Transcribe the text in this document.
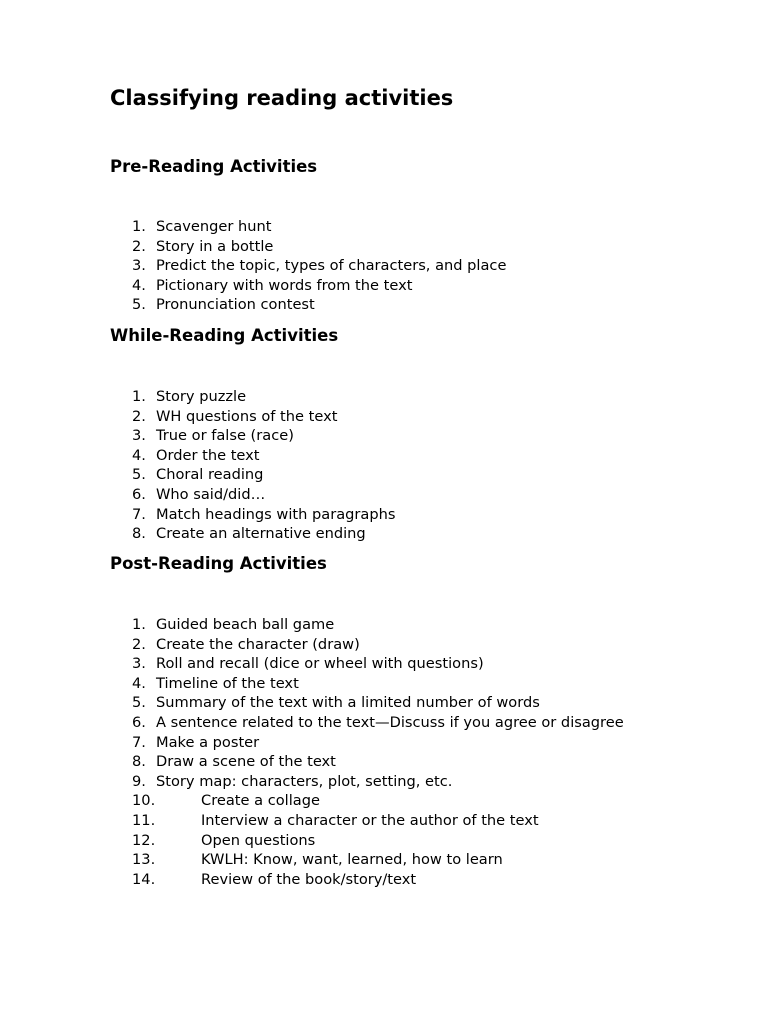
Classifying reading activities
Pre-Reading Activities
1. Scavenger hunt
2. Story in a bottle
3. Predict the topic, types of characters, and place
4. Pictionary with words from the text
5. Pronunciation contest
While-Reading Activities
1. Story puzzle
2. WH questions of the text
3. True or false (race)
4. Order the text
5. Choral reading
6. Who said/did…
7. Match headings with paragraphs
8. Create an alternative ending
Post-Reading Activities
1. Guided beach ball game
2. Create the character (draw)
3. Roll and recall (dice or wheel with questions)
4. Timeline of the text
5. Summary of the text with a limited number of words
6. A sentence related to the text—Discuss if you agree or disagree
7. Make a poster
8. Draw a scene of the text
9. Story map: characters, plot, setting, etc.
10.	Create a collage
11.	Interview a character or the author of the text
12.	Open questions
13.	KWLH: Know, want, learned, how to learn
14.	Review of the book/story/text
